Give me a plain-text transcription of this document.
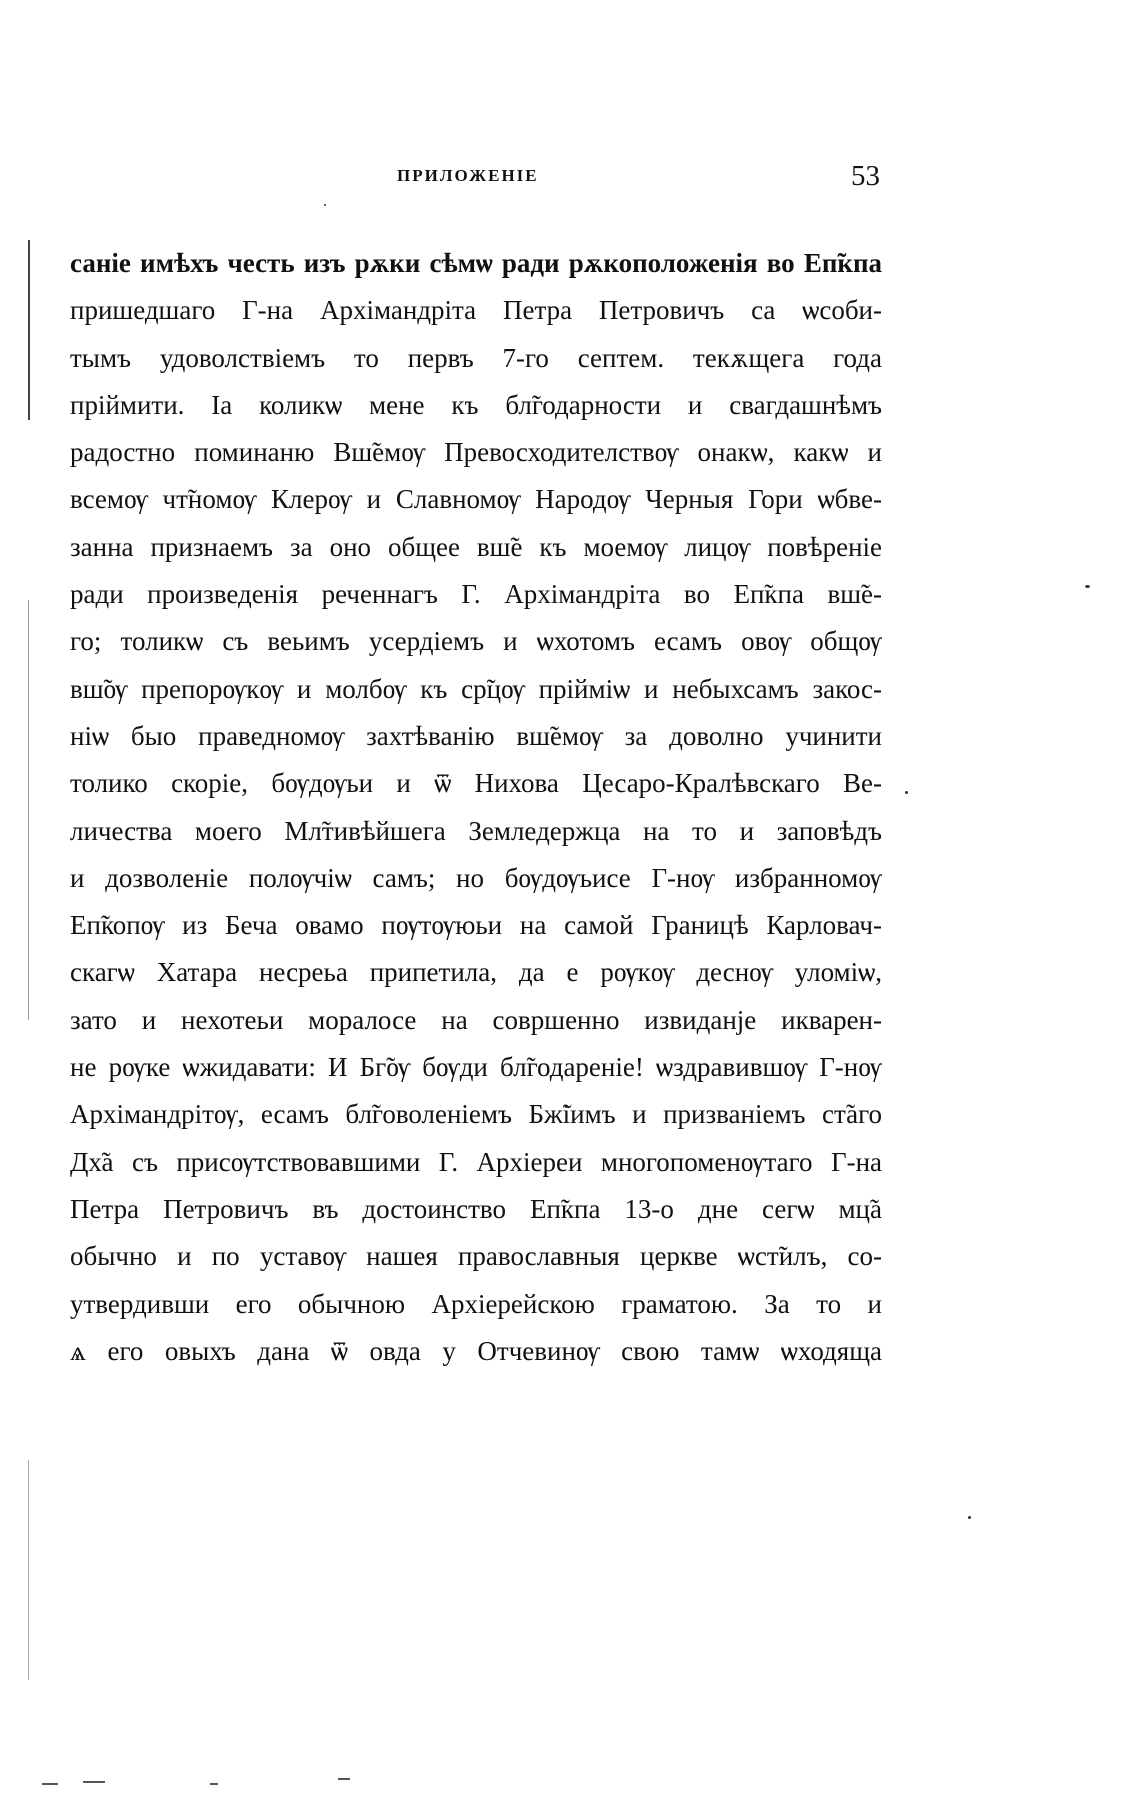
ПРИЛОЖЕНІЕ	53
саніе имѣхъ честь изъ рѫки сѣмѡ ради рѫкоположенія во Еп̃кпа
пришедшаго Г-на Архімандріта Петра Петровичъ са ѡсоби-
тымъ удоволствіемъ то первъ 7-го септем. текѫщега года
пріймити. Іа коликѡ мене къ бл̃годарности и свагдашнѣмъ
радостно поминаню Вш̃емѹ Превосходителствѹ онакѡ, какѡ и
всемѹ чт̃номѹ Клерѹ и Славномѹ Народѹ Черныя Гори ѡбве-
занна признаемъ за оно общее вш̃е къ моемѹ лицѹ повѣреніе
ради произведенія реченнагъ Г. Архімандріта во Еп̃кпа вш̃е-
го; толикѡ съ веьимъ усердіемъ и ѡхотомъ есамъ овѹ общѹ
вш̃ѹ препорѹкѹ и молбѹ къ ср̃цѹ пріймiѡ и небыхсамъ закос-
ніѡ быо праведномѹ захтѣванію вш̃емѹ за доволно учинити
толико скоріе, бѹдѹьи и ѿ Нихова Цесаро-Кралѣвскаго Ве-
личества моего Мл̃тивѣйшега Земледержца на то и заповѣдъ
и дозволеніе полѹчiѡ самъ; но бѹдѹьисе Г-нѹ избранномѹ
Еп̃копѹ из Беча овамо пѹтѹюьи на самой Границѣ Карловач-
скагѡ Хатара несреьа припетила, да е рѹкѹ деснѹ уломіѡ,
зато и нехотеьи моралосе на совршенно извиданје икварен-
не рѹке ѡжидавати: И Бг̃ѹ бѹди бл̃годареніе! ѡздравившѹ Г-нѹ
Архімандрітѹ, есамъ бл̃говоленіемъ Бж̃іимъ и призваніемъ ст̃аго
Дх̃а съ присѹтствовавшими Г. Архіереи многопоменѹтаго Г-на
Петра Петровичъ въ достоинство Еп̃кпа 13-о дне сегѡ мц̃а
обычно и по уставѹ нашея православныя церкве ѡст̃илъ, со-
утвердивши его обычною Архіерейскою граматою. За то и
ѧ его овыхъ дана ѿ овда у Отчевинѹ свою тамѡ ѡходяща
